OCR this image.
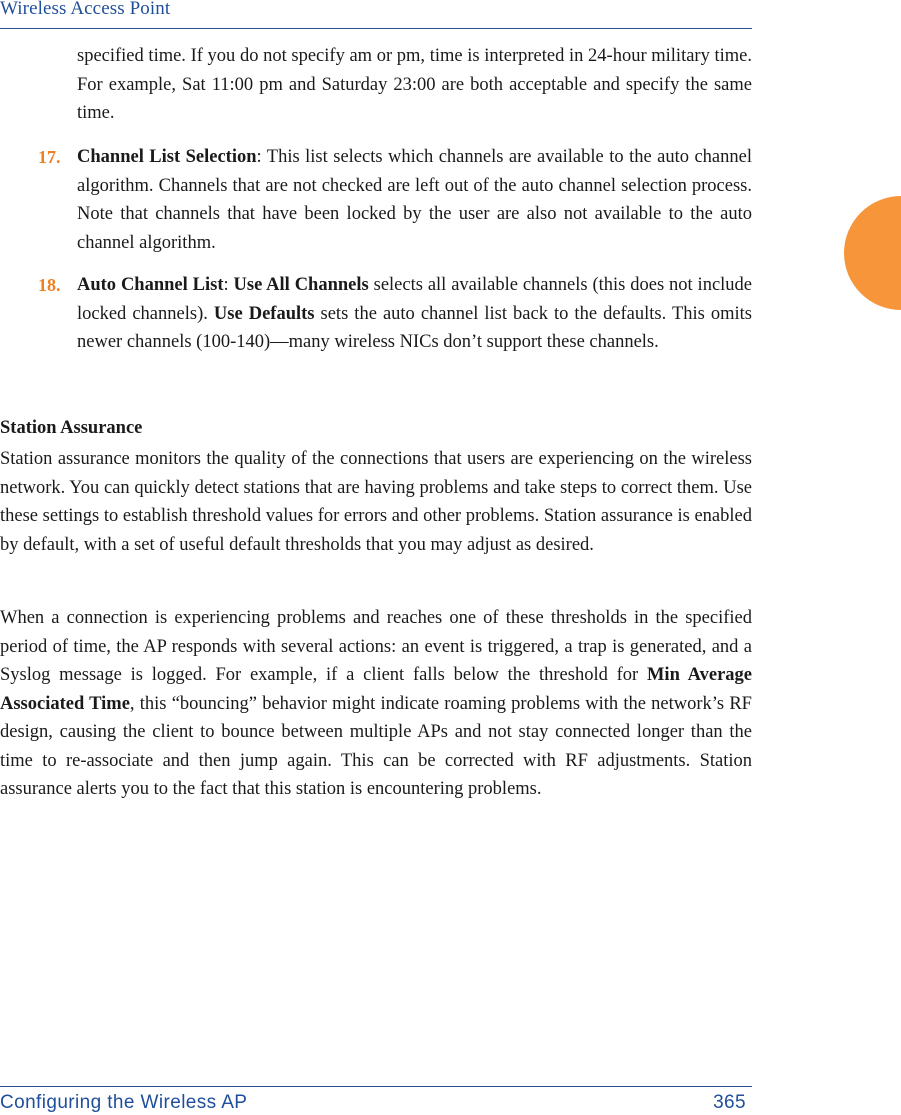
Wireless Access Point

specified time. If you do not specify am or pm, time is interpreted in 24-hour military time. For example, Sat 11:00 pm and Saturday 23:00 are both acceptable and specify the same time.

17. Channel List Selection: This list selects which channels are available to the auto channel algorithm. Channels that are not checked are left out of the auto channel selection process. Note that channels that have been locked by the user are also not available to the auto channel algorithm.

18. Auto Channel List: Use All Channels selects all available channels (this does not include locked channels). Use Defaults sets the auto channel list back to the defaults. This omits newer channels (100-140)—many wireless NICs don’t support these channels.

Station Assurance

Station assurance monitors the quality of the connections that users are experiencing on the wireless network. You can quickly detect stations that are having problems and take steps to correct them. Use these settings to establish threshold values for errors and other problems. Station assurance is enabled by default, with a set of useful default thresholds that you may adjust as desired.

When a connection is experiencing problems and reaches one of these thresholds in the specified period of time, the AP responds with several actions: an event is triggered, a trap is generated, and a Syslog message is logged. For example, if a client falls below the threshold for Min Average Associated Time, this “bouncing” behavior might indicate roaming problems with the network’s RF design, causing the client to bounce between multiple APs and not stay connected longer than the time to re-associate and then jump again. This can be corrected with RF adjustments. Station assurance alerts you to the fact that this station is encountering problems.

Configuring the Wireless AP	365
